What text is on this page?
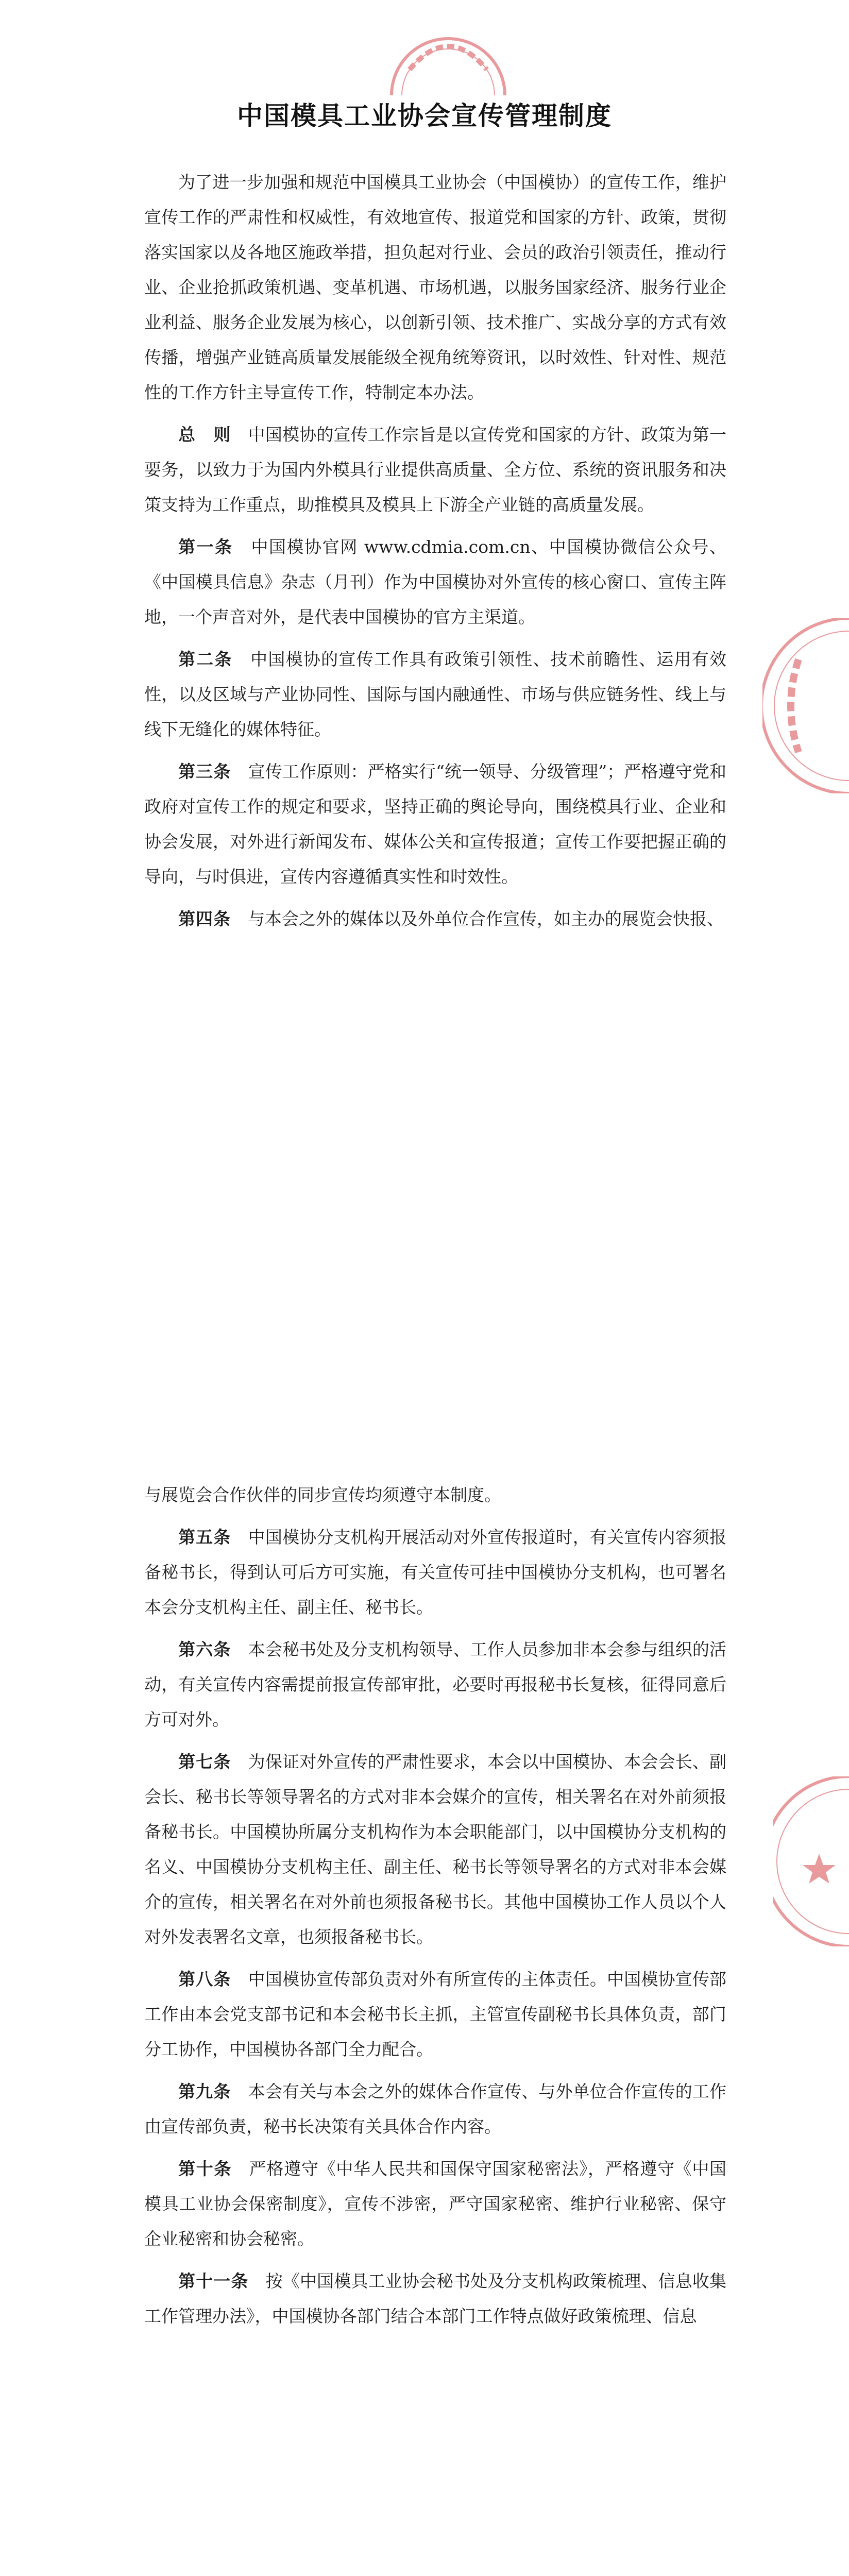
中国模具工业协会宣传管理制度

为了进一步加强和规范中国模具工业协会（中国模协）的宣传工作，维护宣传工作的严肃性和权威性，有效地宣传、报道党和国家的方针、政策，贯彻落实国家以及各地区施政举措，担负起对行业、会员的政治引领责任，推动行业、企业抢抓政策机遇、变革机遇、市场机遇，以服务国家经济、服务行业企业利益、服务企业发展为核心，以创新引领、技术推广、实战分享的方式有效传播，增强产业链高质量发展能级全视角统筹资讯，以时效性、针对性、规范性的工作方针主导宣传工作，特制定本办法。

总　则　 中国模协的宣传工作宗旨是以宣传党和国家的方针、政策为第一要务，以致力于为国内外模具行业提供高质量、全方位、系统的资讯服务和决策支持为工作重点，助推模具及模具上下游全产业链的高质量发展。

第一条　 中国模协官网 www.cdmia.com.cn、中国模协微信公众号、《中国模具信息》杂志（月刊）作为中国模协对外宣传的核心窗口、宣传主阵地，一个声音对外，是代表中国模协的官方主渠道。

第二条　 中国模协的宣传工作具有政策引领性、技术前瞻性、运用有效性，以及区域与产业协同性、国际与国内融通性、市场与供应链务性、线上与线下无缝化的媒体特征。

第三条　 宣传工作原则：严格实行“统一领导、分级管理”；严格遵守党和政府对宣传工作的规定和要求，坚持正确的舆论导向，围绕模具行业、企业和协会发展，对外进行新闻发布、媒体公关和宣传报道；宣传工作要把握正确的导向，与时俱进，宣传内容遵循真实性和时效性。

第四条　 与本会之外的媒体以及外单位合作宣传，如主办的展览会快报、

与展览会合作伙伴的同步宣传均须遵守本制度。

第五条　 中国模协分支机构开展活动对外宣传报道时，有关宣传内容须报备秘书长，得到认可后方可实施，有关宣传可挂中国模协分支机构，也可署名本会分支机构主任、副主任、秘书长。

第六条　 本会秘书处及分支机构领导、工作人员参加非本会参与组织的活动，有关宣传内容需提前报宣传部审批，必要时再报秘书长复核，征得同意后方可对外。

第七条　 为保证对外宣传的严肃性要求，本会以中国模协、本会会长、副会长、秘书长等领导署名的方式对非本会媒介的宣传，相关署名在对外前须报备秘书长。中国模协所属分支机构作为本会职能部门，以中国模协分支机构的名义、中国模协分支机构主任、副主任、秘书长等领导署名的方式对非本会媒介的宣传，相关署名在对外前也须报备秘书长。其他中国模协工作人员以个人对外发表署名文章，也须报备秘书长。

第八条　 中国模协宣传部负责对外有所宣传的主体责任。中国模协宣传部工作由本会党支部书记和本会秘书长主抓，主管宣传副秘书长具体负责，部门分工协作，中国模协各部门全力配合。

第九条　 本会有关与本会之外的媒体合作宣传、与外单位合作宣传的工作由宣传部负责，秘书长决策有关具体合作内容。

第十条　 严格遵守《中华人民共和国保守国家秘密法》，严格遵守《中国模具工业协会保密制度》，宣传不涉密，严守国家秘密、维护行业秘密、保守企业秘密和协会秘密。

第十一条　 按《中国模具工业协会秘书处及分支机构政策梳理、信息收集工作管理办法》，中国模协各部门结合本部门工作特点做好政策梳理、信息
